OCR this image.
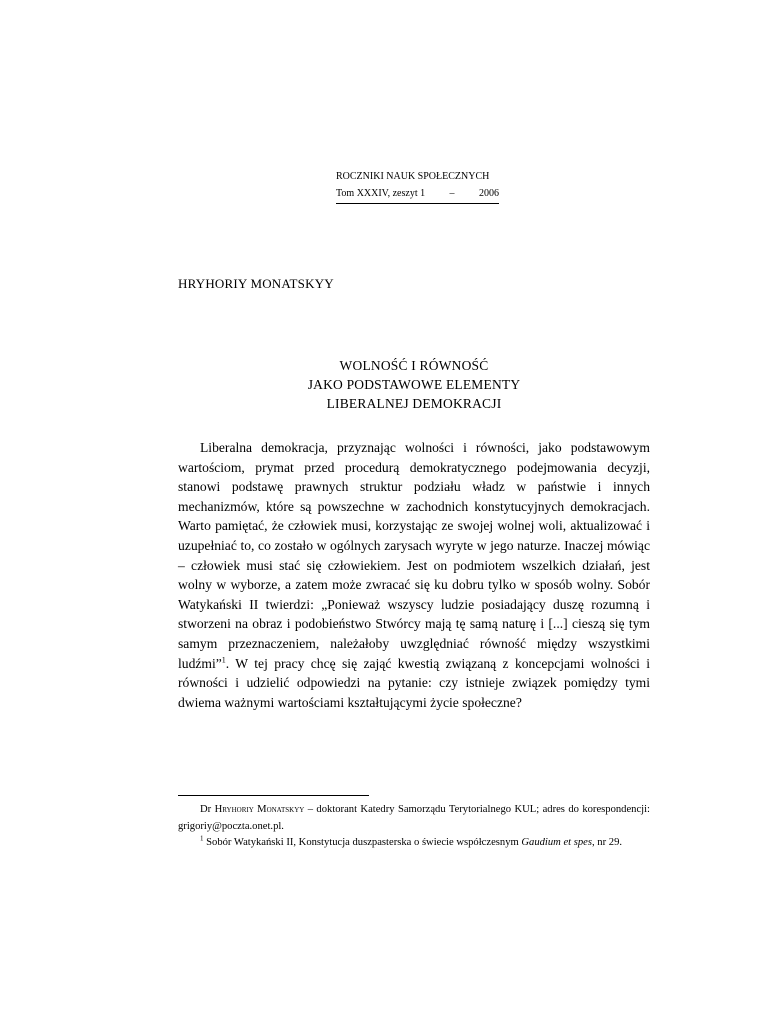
ROCZNIKI NAUK SPOŁECZNYCH
Tom XXXIV, zeszyt 1 – 2006
HRYHORIY MONATSKYY
WOLNOŚĆ I RÓWNOŚĆ
JAKO PODSTAWOWE ELEMENTY
LIBERALNEJ DEMOKRACJI

Liberalna demokracja, przyznając wolności i równości, jako podstawowym wartościom, prymat przed procedurą demokratycznego podejmowania decyzji, stanowi podstawę prawnych struktur podziału władz w państwie i innych mechanizmów, które są powszechne w zachodnich konstytucyjnych demokracjach. Warto pamiętać, że człowiek musi, korzystając ze swojej wolnej woli, aktualizować i uzupełniać to, co zostało w ogólnych zarysach wyryte w jego naturze. Inaczej mówiąc – człowiek musi stać się człowiekiem. Jest on podmiotem wszelkich działań, jest wolny w wyborze, a zatem może zwracać się ku dobru tylko w sposób wolny. Sobór Watykański II twierdzi: „Ponieważ wszyscy ludzie posiadający duszę rozumną i stworzeni na obraz i podobieństwo Stwórcy mają tę samą naturę i [...] cieszą się tym samym przeznaczeniem, należałoby uwzględniać równość między wszystkimi ludźmi”$^1$. W tej pracy chcę się zająć kwestią związaną z koncepcjami wolności i równości i udzielić odpowiedzi na pytanie: czy istnieje związek pomiędzy tymi dwiema ważnymi wartościami kształtującymi życie społeczne?

Dr Hryhoriy Monatskyy – doktorant Katedry Samorządu Terytorialnego KUL; adres do korespondencji: grigoriy@poczta.onet.pl.

$^1$ Sobór Watykański II, Konstytucja duszpasterska o świecie współczesnym Gaudium et spes, nr 29.
